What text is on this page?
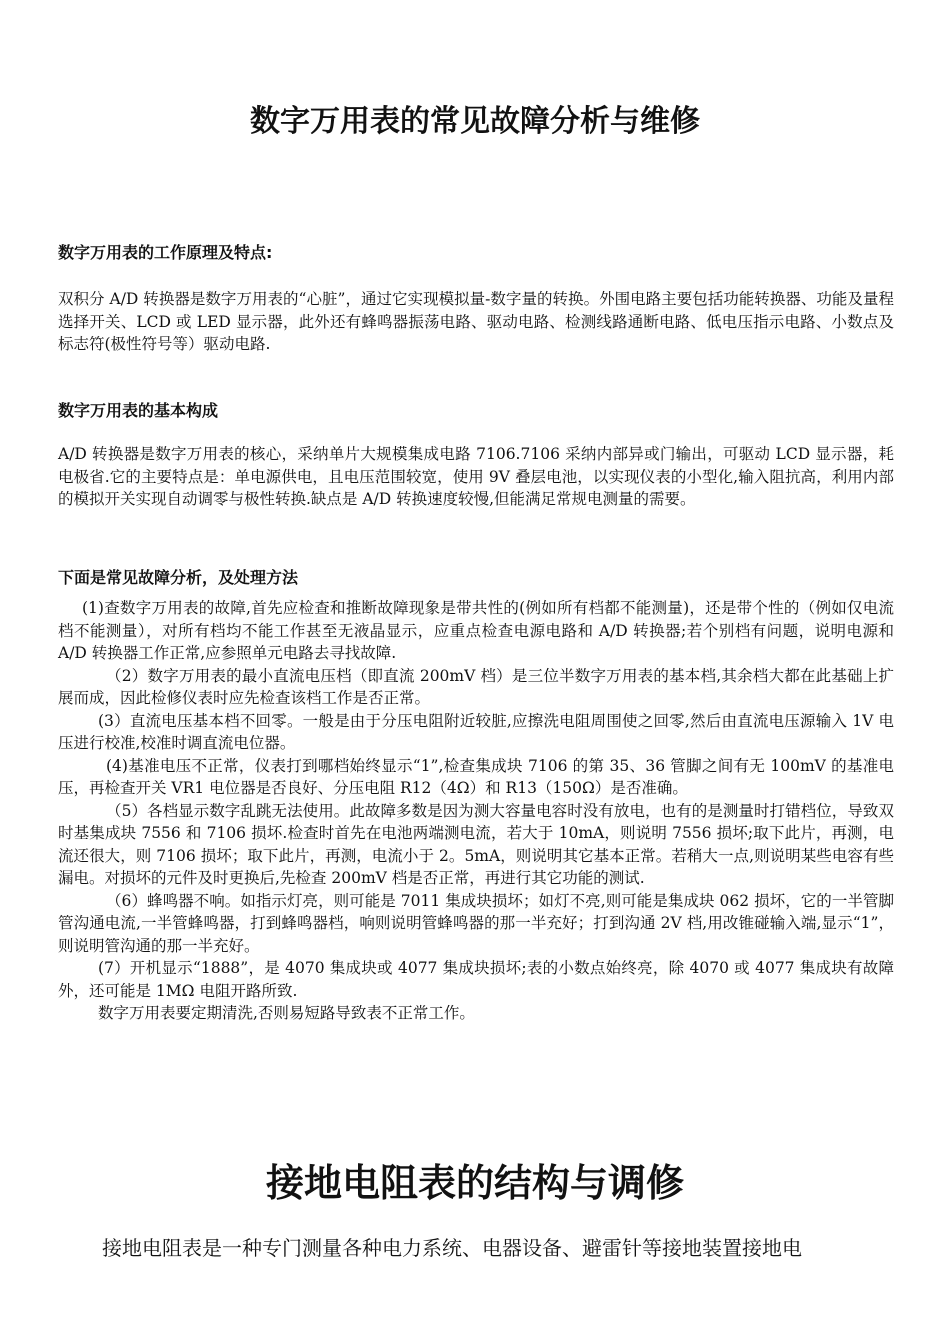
数字万用表的常见故障分析与维修
数字万用表的工作原理及特点:

双积分 A/D 转换器是数字万用表的“心脏”，通过它实现模拟量-数字量的转换。外围电路主要包括功能转换器、功能及量程选择开关、LCD 或 LED 显示器，此外还有蜂鸣器振荡电路、驱动电路、检测线路通断电路、低电压指示电路、小数点及标志符(极性符号等）驱动电路.

数字万用表的基本构成

A/D 转换器是数字万用表的核心，采纳单片大规模集成电路 7106.7106 采纳内部异或门输出，可驱动 LCD 显示器，耗电极省.它的主要特点是：单电源供电，且电压范围较宽，使用 9V 叠层电池，以实现仪表的小型化,输入阻抗高，利用内部的模拟开关实现自动调零与极性转换.缺点是 A/D 转换速度较慢,但能满足常规电测量的需要。

下面是常见故障分析，及处理方法

(1)查数字万用表的故障,首先应检查和推断故障现象是带共性的(例如所有档都不能测量)，还是带个性的（例如仅电流档不能测量），对所有档均不能工作甚至无液晶显示，应重点检查电源电路和 A/D 转换器;若个别档有问题，说明电源和 A/D 转换器工作正常,应参照单元电路去寻找故障.

（2）数字万用表的最小直流电压档（即直流 200mV 档）是三位半数字万用表的基本档,其余档大都在此基础上扩展而成，因此检修仪表时应先检查该档工作是否正常。

(3）直流电压基本档不回零。一般是由于分压电阻附近较脏,应擦洗电阻周围使之回零,然后由直流电压源输入 1V 电压进行校准,校准时调直流电位器。

(4)基准电压不正常，仪表打到哪档始终显示“1”,检查集成块 7106 的第 35、36 管脚之间有无 100mV 的基准电压，再检查开关 VR1 电位器是否良好、分压电阻 R12（4Ω）和 R13（150Ω）是否准确。

（5）各档显示数字乱跳无法使用。此故障多数是因为测大容量电容时没有放电，也有的是测量时打错档位，导致双时基集成块 7556 和 7106 损坏.检查时首先在电池两端测电流，若大于 10mA，则说明 7556 损坏;取下此片，再测，电流还很大，则 7106 损坏；取下此片，再测，电流小于 2。5mA，则说明其它基本正常。若稍大一点,则说明某些电容有些漏电。对损坏的元件及时更换后,先检查 200mV 档是否正常，再进行其它功能的测试.

（6）蜂鸣器不响。如指示灯亮，则可能是 7011 集成块损坏；如灯不亮,则可能是集成块 062 损坏，它的一半管脚管沟通电流,一半管蜂鸣器，打到蜂鸣器档，响则说明管蜂鸣器的那一半充好；打到沟通 2V 档,用改锥碰输入端,显示“1”，则说明管沟通的那一半充好。

(7）开机显示“1888”，是 4070 集成块或 4077 集成块损坏;表的小数点始终亮，除 4070 或 4077 集成块有故障外，还可能是 1MΩ 电阻开路所致.

数字万用表要定期清洗,否则易短路导致表不正常工作。

接地电阻表的结构与调修
接地电阻表是一种专门测量各种电力系统、电器设备、避雷针等接地装置接地电
